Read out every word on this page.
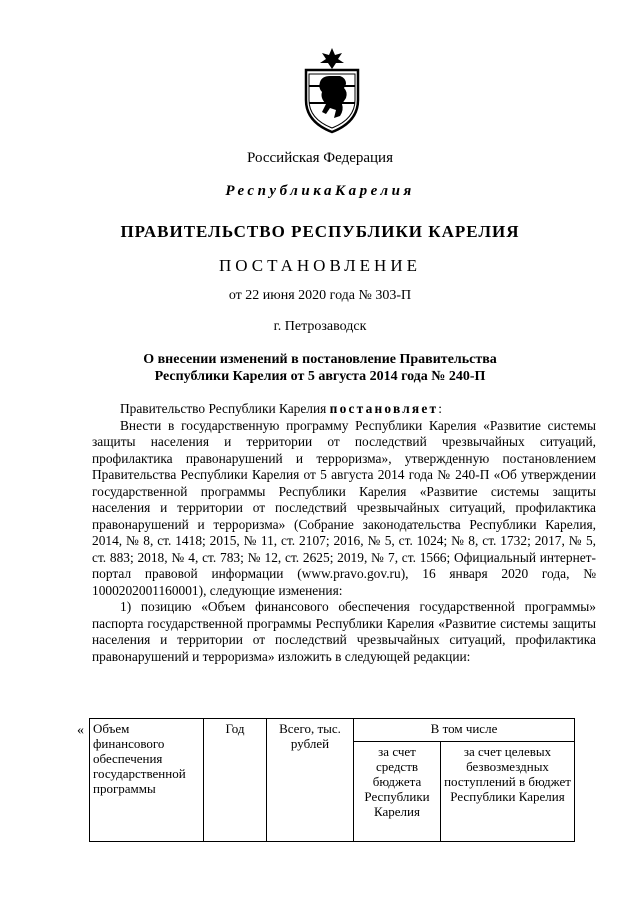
Российская Федерация
РеспубликаКарелия
ПРАВИТЕЛЬСТВО РЕСПУБЛИКИ КАРЕЛИЯ
ПОСТАНОВЛЕНИЕ
от 22 июня 2020 года № 303-П
г. Петрозаводск
О внесении изменений в постановление Правительства
Республики Карелия от 5 августа 2014 года № 240-П

Правительство Республики Карелия постановляет:

Внести в государственную программу Республики Карелия «Развитие системы защиты населения и территории от последствий чрезвычайных ситуаций, профилактика правонарушений и терроризма», утвержденную постановлением Правительства Республики Карелия от 5 августа 2014 года № 240-П «Об утверждении государственной программы Республики Карелия «Развитие системы защиты населения и территории от последствий чрезвычайных ситуаций, профилактика правонарушений и терроризма» (Собрание законодательства Республики Карелия, 2014, № 8, ст. 1418; 2015, № 11, ст. 2107; 2016, № 5, ст. 1024; № 8, ст. 1732; 2017, № 5, ст. 883; 2018, № 4, ст. 783; № 12, ст. 2625; 2019, № 7, ст. 1566; Официальный интернет-портал правовой информации (www.pravo.gov.ru), 16 января 2020 года, № 1000202001160001), следующие изменения:

1) позицию «Объем финансового обеспечения государственной программы» паспорта государственной программы Республики Карелия «Развитие системы защиты населения и территории от последствий чрезвычайных ситуаций, профилактика правонарушений и терроризма» изложить в следующей редакции:

« Объем финансового обеспечения государственной программы	Год	Всего, тыс. рублей	В том числе	
			за счет средств бюджета Республики Карелия	за счет целевых безвозмездных поступлений в бюджет Республики Карелия
